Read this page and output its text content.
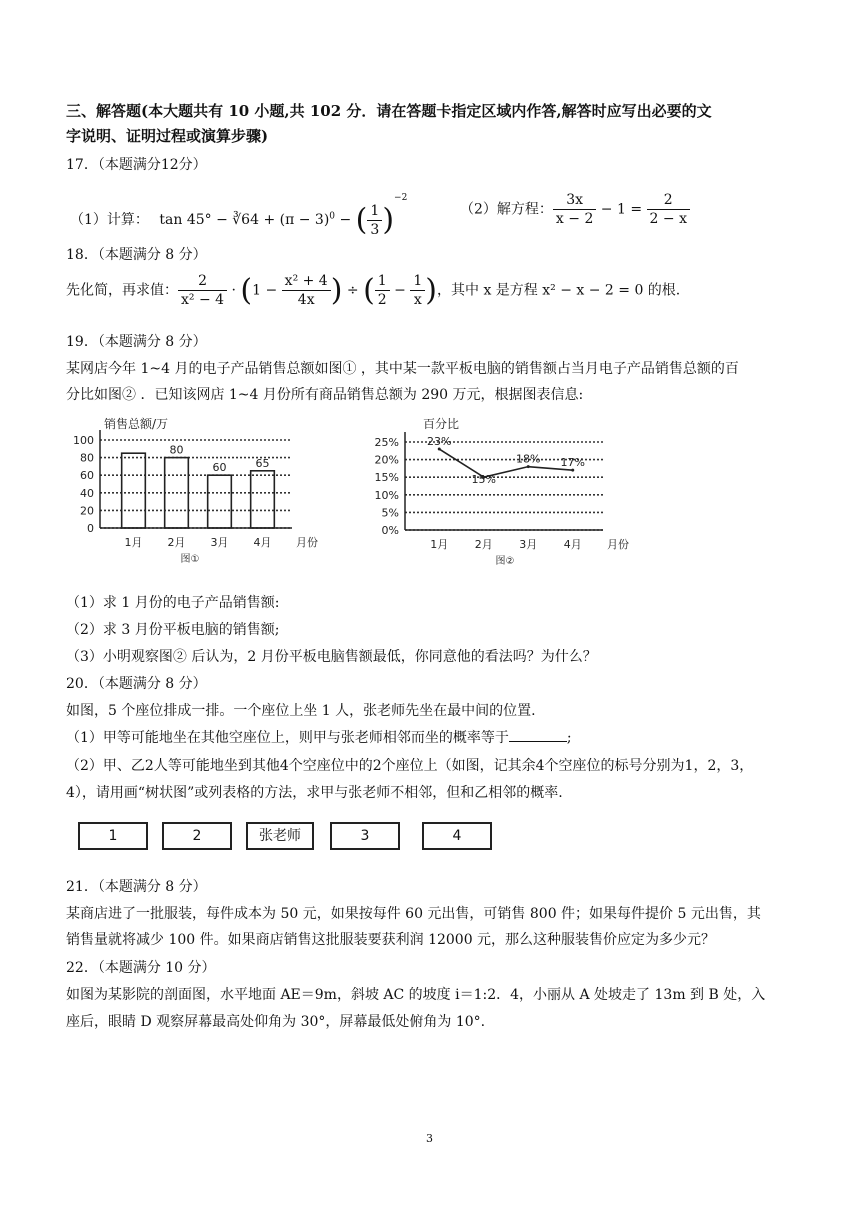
三、解答题(本大题共有 10 小题,共 102 分．请在答题卡指定区域内作答,解答时应写出必要的文
字说明、证明过程或演算步骤)
17．（本题满分12分）
（1）计算： tan 45° − ∛64 + $(\pi - 3)^0$ − ( $\frac{1}{3} )^{-2}$
（2）解方程： $\frac{3x}{x - 2} - 1 = \frac{2}{2 - x}$
18．（本题满分 8 分）
先化简，再求值： $\frac{2}{\text{x² − 4}} \cdot (1 - \frac{\text{x² + 4}}{4x}$ ) ÷ ( $\frac{1}{2} - \frac{1}{x}$ )，其中 x 是方程 x² − x − 2 = 0 的根.
19．（本题满分 8 分）
某网店今年 1~4 月的电子产品销售总额如图① ，其中某一款平板电脑的销售额占当月电子产品销售总额的百
分比如图② ．已知该网店 1~4 月份所有商品销售总额为 290 万元，根据图表信息:
销售总额/万
0
20
40
60
80
100
1月 2月 3月 4月 月份
图①
80
60	65
百分比
0%
5%
10%
15%
20%
25%
1月 2月 3月 4月 月份
图②
23%
15%
18% 17%
（1）求 1 月份的电子产品销售额:
（2）求 3 月份平板电脑的销售额;
（3）小明观察图② 后认为，2 月份平板电脑售额最低，你同意他的看法吗？为什么？
20．（本题满分 8 分）
如图，5 个座位排成一排。一个座位上坐 1 人，张老师先坐在最中间的位置.
（1）甲等可能地坐在其他空座位上，则甲与张老师相邻而坐的概率等于	;
（2）甲、乙2人等可能地坐到其他4个空座位中的2个座位上（如图，记其余4个空座位的标号分别为1，2，3，
4），请用画“树状图”或列表格的方法，求甲与张老师不相邻，但和乙相邻的概率.
1	2	张老师	3	4
21．（本题满分 8 分）
某商店进了一批服装，每件成本为 50 元，如果按每件 60 元出售，可销售 800 件；如果每件提价 5 元出售，其
销售量就将减少 100 件。如果商店销售这批服装要获利润 12000 元，那么这种服装售价应定为多少元？
22．（本题满分 10 分）
如图为某影院的剖面图，水平地面 AE＝9m，斜坡 AC 的坡度 i＝1:2．4，小丽从 A 处坡走了 13m 到 B 处，入
座后，眼睛 D 观察屏幕最高处仰角为 30°，屏幕最低处俯角为 10°.
3
